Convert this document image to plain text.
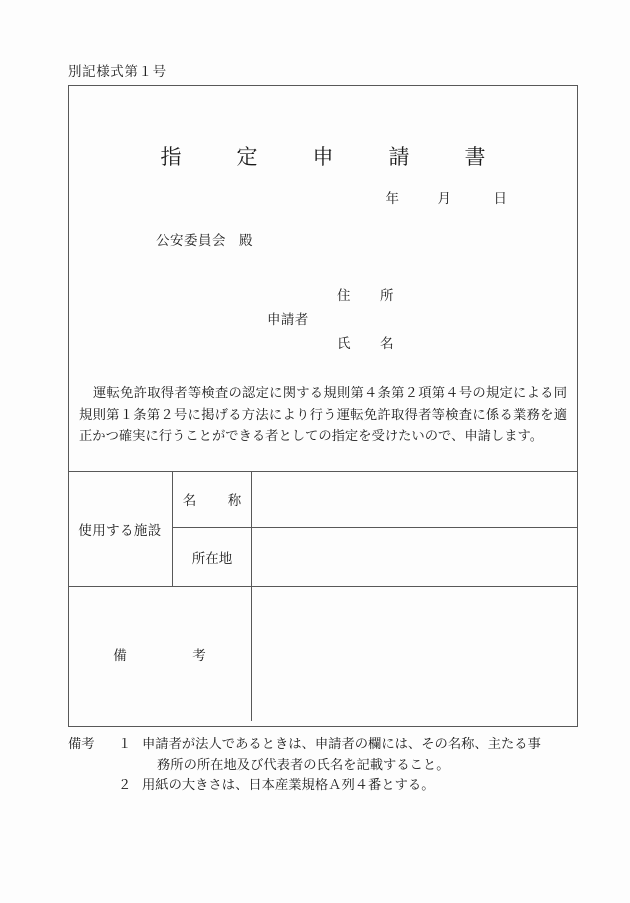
別記様式第１号
指　定　申　請　書
年	月	日
公安委員会 殿
住　所
申請者
氏　名

運転免許取得者等検査の認定に関する規則第４条第２項第４号の規定による同規則第１条第２号に掲げる方法により行う運転免許取得者等検査に係る業務を適正かつ確実に行うことができる者としての指定を受けたいので、申請します。

使用する施設	名　称	
	所在地	
備　考		
備考	１ 申請者が法人であるときは、申請者の欄には、その名称、主たる事
務所の所在地及び代表者の氏名を記載すること。
２ 用紙の大きさは、日本産業規格Ａ列４番とする。
